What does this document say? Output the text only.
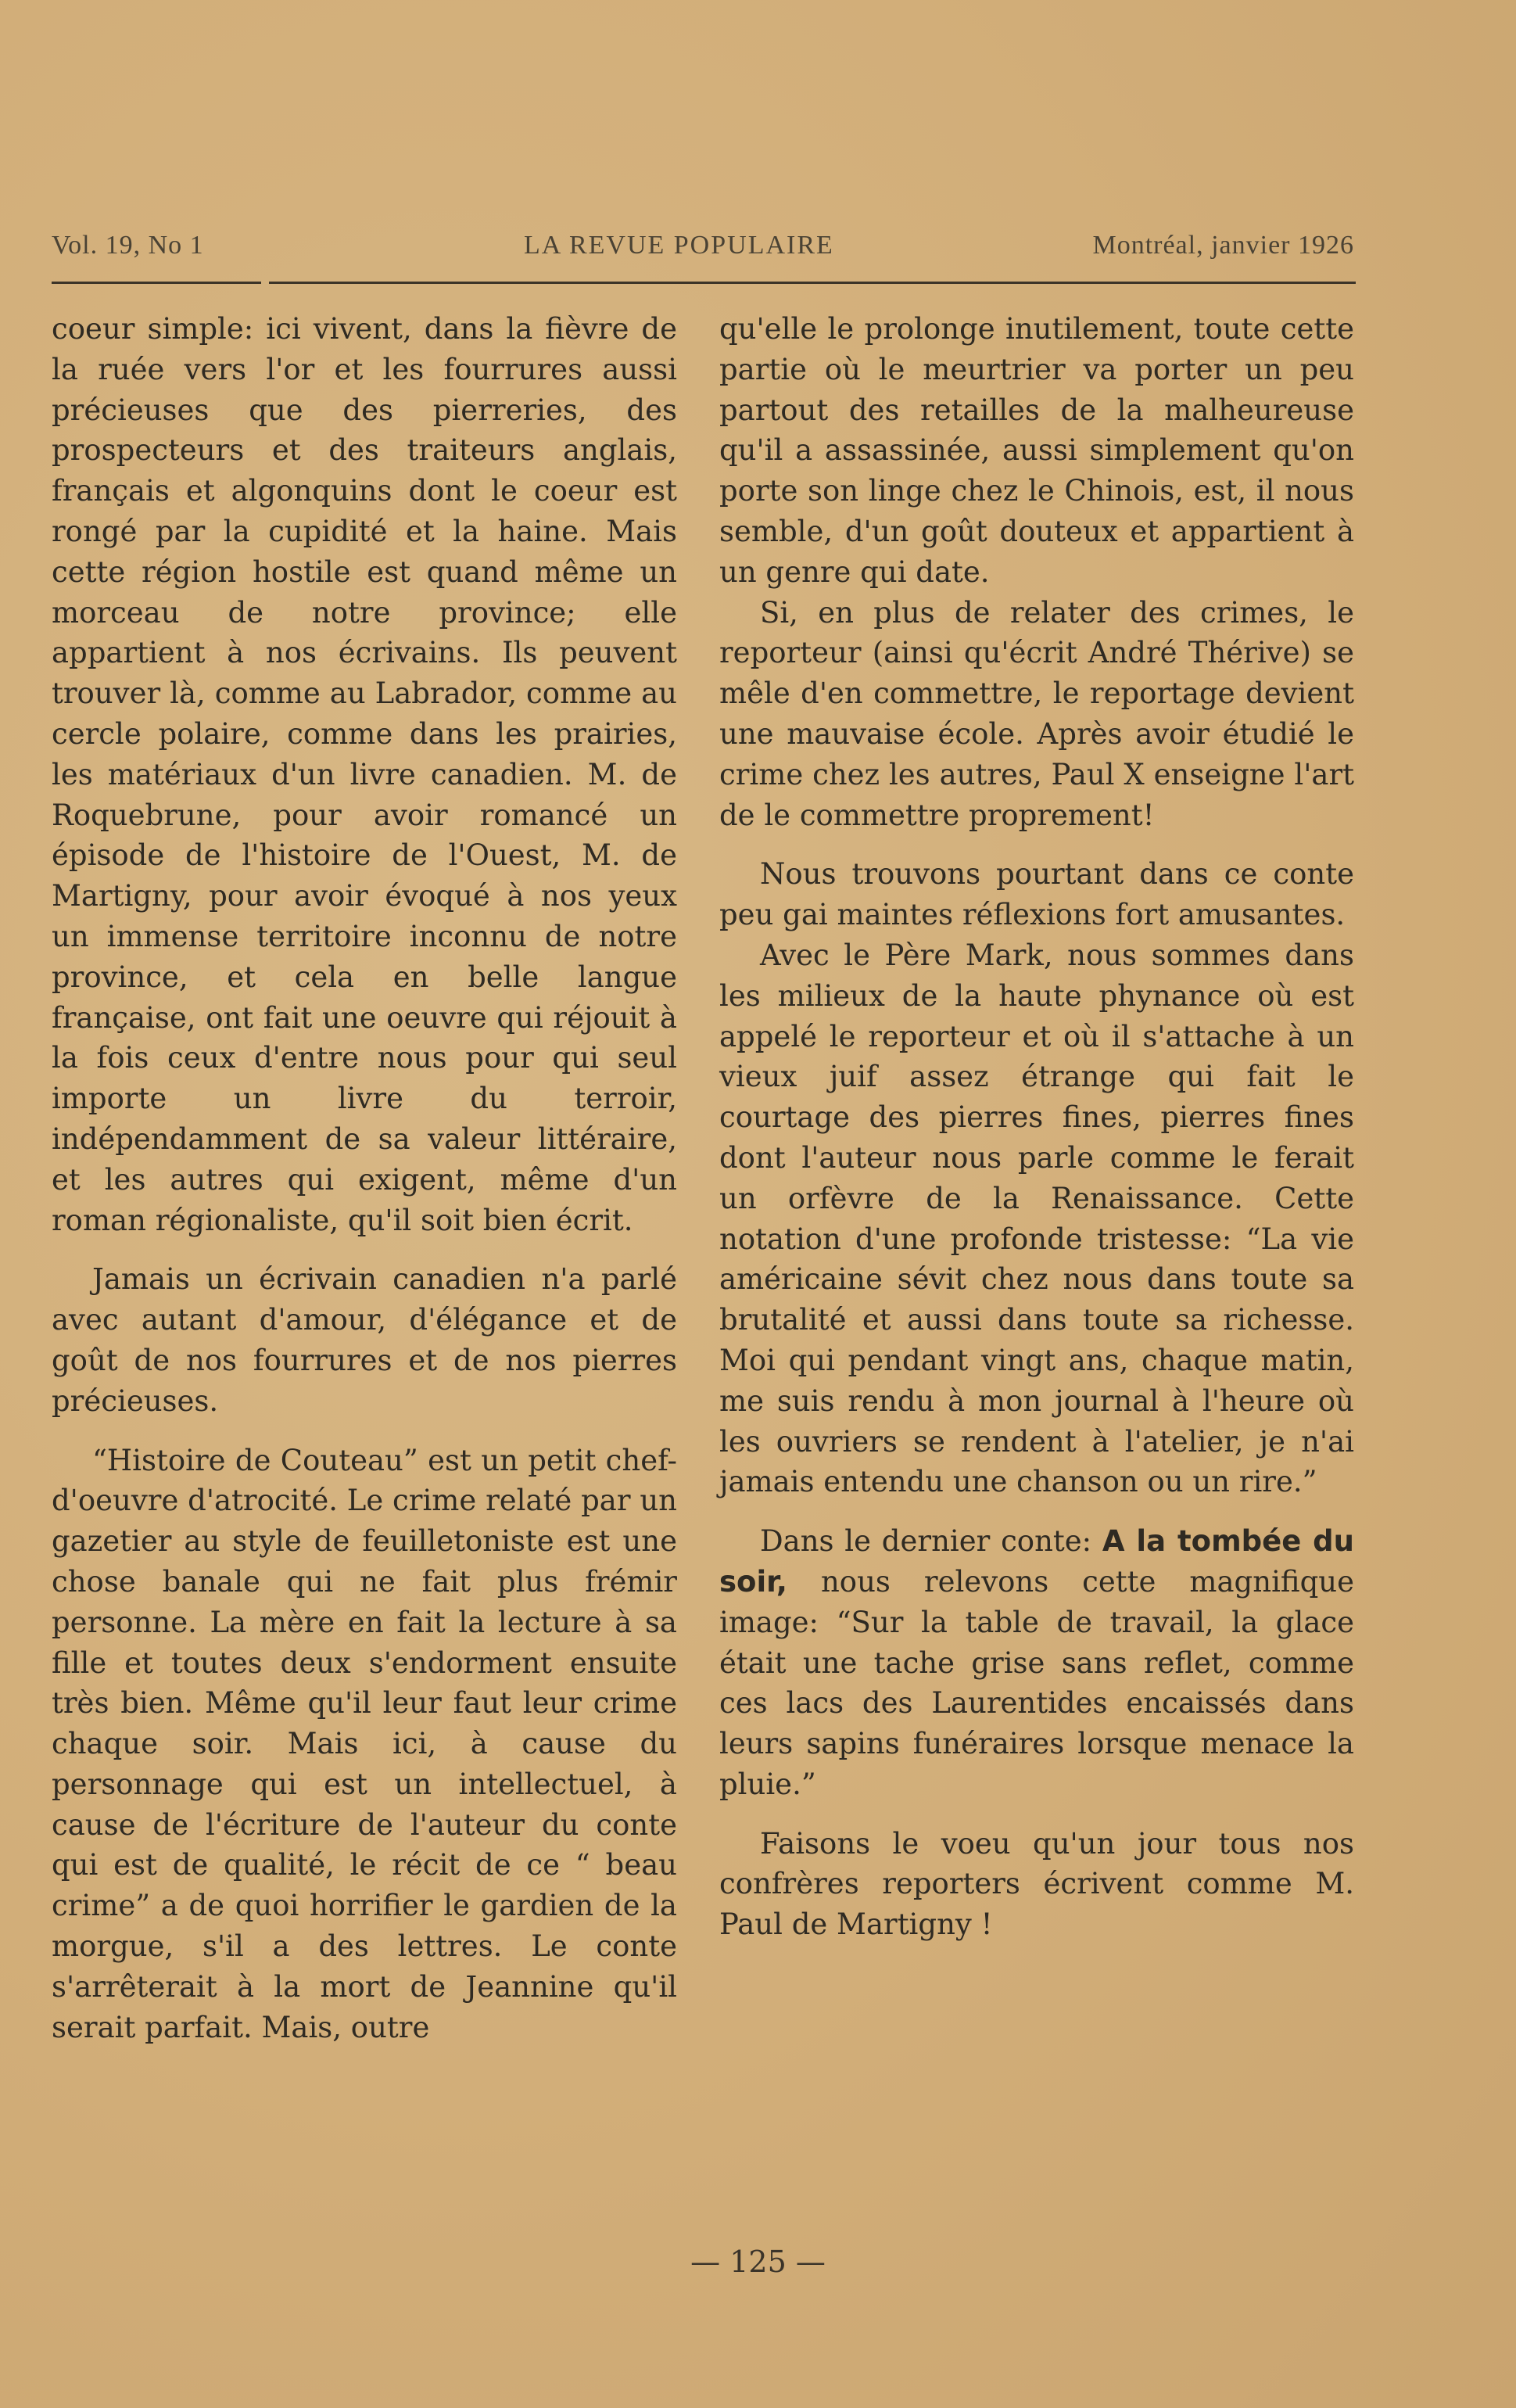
Vol. 19, No 1	LA REVUE POPULAIRE	Montréal, janvier 1926

coeur simple: ici vivent, dans la fièvre de la ruée vers l'or et les fourrures aussi précieuses que des pierreries, des prospecteurs et des traiteurs anglais, français et algonquins dont le coeur est rongé par la cupidité et la haine. Mais cette région hostile est quand même un morceau de notre province; elle appartient à nos écrivains. Ils peuvent trouver là, comme au Labrador, comme au cercle polaire, comme dans les prairies, les matériaux d'un livre canadien. M. de Roquebrune, pour avoir romancé un épisode de l'histoire de l'Ouest, M. de Martigny, pour avoir évoqué à nos yeux un immense territoire inconnu de notre province, et cela en belle langue française, ont fait une oeuvre qui réjouit à la fois ceux d'entre nous pour qui seul importe un livre du terroir, indépendamment de sa valeur littéraire, et les autres qui exigent, même d'un roman régionaliste, qu'il soit bien écrit.

Jamais un écrivain canadien n'a parlé avec autant d'amour, d'élégance et de goût de nos fourrures et de nos pierres précieuses.

“Histoire de Couteau” est un petit chef-d'oeuvre d'atrocité. Le crime relaté par un gazetier au style de feuilletoniste est une chose banale qui ne fait plus frémir personne. La mère en fait la lecture à sa fille et toutes deux s'endorment ensuite très bien. Même qu'il leur faut leur crime chaque soir. Mais ici, à cause du personnage qui est un intellectuel, à cause de l'écriture de l'auteur du conte qui est de qualité, le récit de ce “ beau crime” a de quoi horrifier le gardien de la morgue, s'il a des lettres. Le conte s'arrêterait à la mort de Jeannine qu'il serait parfait. Mais, outre

qu'elle le prolonge inutilement, toute cette partie où le meurtrier va porter un peu partout des retailles de la malheureuse qu'il a assassinée, aussi simplement qu'on porte son linge chez le Chinois, est, il nous semble, d'un goût douteux et appartient à un genre qui date.

Si, en plus de relater des crimes, le reporteur (ainsi qu'écrit André Thérive) se mêle d'en commettre, le reportage devient une mauvaise école. Après avoir étudié le crime chez les autres, Paul X enseigne l'art de le commettre proprement!

Nous trouvons pourtant dans ce conte peu gai maintes réflexions fort amusantes.

Avec le Père Mark, nous sommes dans les milieux de la haute phynance où est appelé le reporteur et où il s'attache à un vieux juif assez étrange qui fait le courtage des pierres fines, pierres fines dont l'auteur nous parle comme le ferait un orfèvre de la Renaissance. Cette notation d'une profonde tristesse: “La vie américaine sévit chez nous dans toute sa brutalité et aussi dans toute sa richesse. Moi qui pendant vingt ans, chaque matin, me suis rendu à mon journal à l'heure où les ouvriers se rendent à l'atelier, je n'ai jamais entendu une chanson ou un rire.”

Dans le dernier conte: A la tombée du soir, nous relevons cette magnifique image: “Sur la table de travail, la glace était une tache grise sans reflet, comme ces lacs des Laurentides encaissés dans leurs sapins funéraires lorsque menace la pluie.”

Faisons le voeu qu'un jour tous nos confrères reporters écrivent comme M. Paul de Martigny !

— 125 —
